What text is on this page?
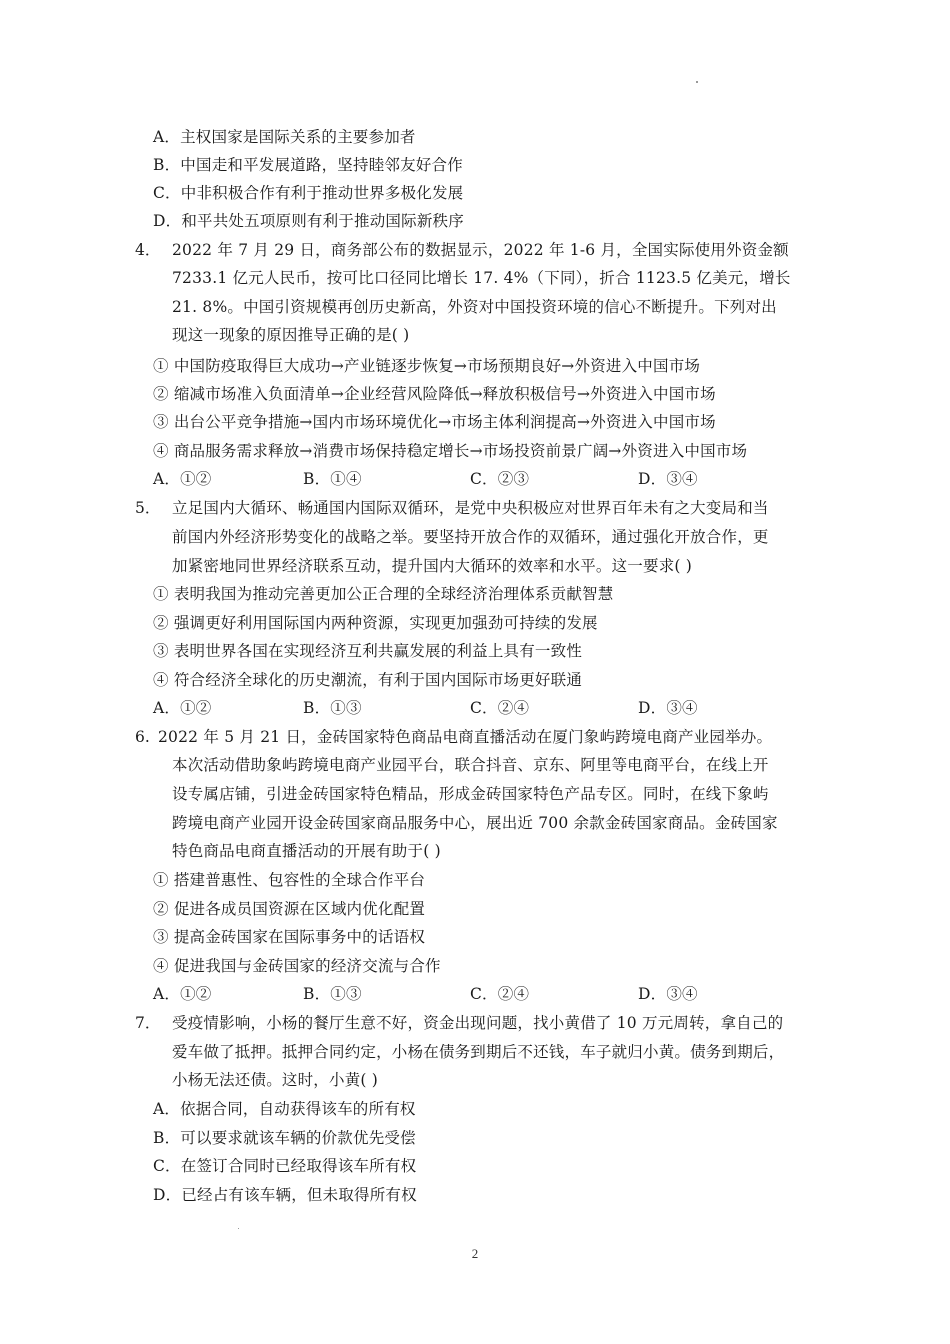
A．主权国家是国际关系的主要参加者
B．中国走和平发展道路，坚持睦邻友好合作
C．中非积极合作有利于推动世界多极化发展
D．和平共处五项原则有利于推动国际新秩序
4． 2022 年 7 月 29 日，商务部公布的数据显示，2022 年 1-6 月，全国实际使用外资金额
7233.1 亿元人民币，按可比口径同比增长 17. 4%（下同），折合 1123.5 亿美元，增长
21. 8%。中国引资规模再创历史新高，外资对中国投资环境的信心不断提升。下列对出
现这一现象的原因推导正确的是( )
① 中国防疫取得巨大成功→产业链逐步恢复→市场预期良好→外资进入中国市场
② 缩减市场准入负面清单→企业经营风险降低→释放积极信号→外资进入中国市场
③ 出台公平竞争措施→国内市场环境优化→市场主体利润提高→外资进入中国市场
④ 商品服务需求释放→消费市场保持稳定增长→市场投资前景广阔→外资进入中国市场
A．①②	B．①④	C．②③	D．③④
5． 立足国内大循环、畅通国内国际双循环，是党中央积极应对世界百年未有之大变局和当
前国内外经济形势变化的战略之举。要坚持开放合作的双循环，通过强化开放合作，更
加紧密地同世界经济联系互动，提升国内大循环的效率和水平。这一要求( )
① 表明我国为推动完善更加公正合理的全球经济治理体系贡献智慧
② 强调更好利用国际国内两种资源，实现更加强劲可持续的发展
③ 表明世界各国在实现经济互利共赢发展的利益上具有一致性
④ 符合经济全球化的历史潮流，有利于国内国际市场更好联通
A．①②	B．①③	C．②④	D．③④
6. 2022 年 5 月 21 日，金砖国家特色商品电商直播活动在厦门象屿跨境电商产业园举办。
本次活动借助象屿跨境电商产业园平台，联合抖音、京东、阿里等电商平台，在线上开
设专属店铺，引进金砖国家特色精品，形成金砖国家特色产品专区。同时，在线下象屿
跨境电商产业园开设金砖国家商品服务中心，展出近 700 余款金砖国家商品。金砖国家
特色商品电商直播活动的开展有助于( )
① 搭建普惠性、包容性的全球合作平台
② 促进各成员国资源在区域内优化配置
③ 提高金砖国家在国际事务中的话语权
④ 促进我国与金砖国家的经济交流与合作
A．①②	B．①③	C．②④	D．③④
7． 受疫情影响，小杨的餐厅生意不好，资金出现问题，找小黄借了 10 万元周转，拿自己的
爱车做了抵押。抵押合同约定，小杨在债务到期后不还钱，车子就归小黄。债务到期后，
小杨无法还债。这时，小黄( )
A．依据合同，自动获得该车的所有权
B．可以要求就该车辆的价款优先受偿
C．在签订合同时已经取得该车所有权
D．已经占有该车辆，但未取得所有权
2
